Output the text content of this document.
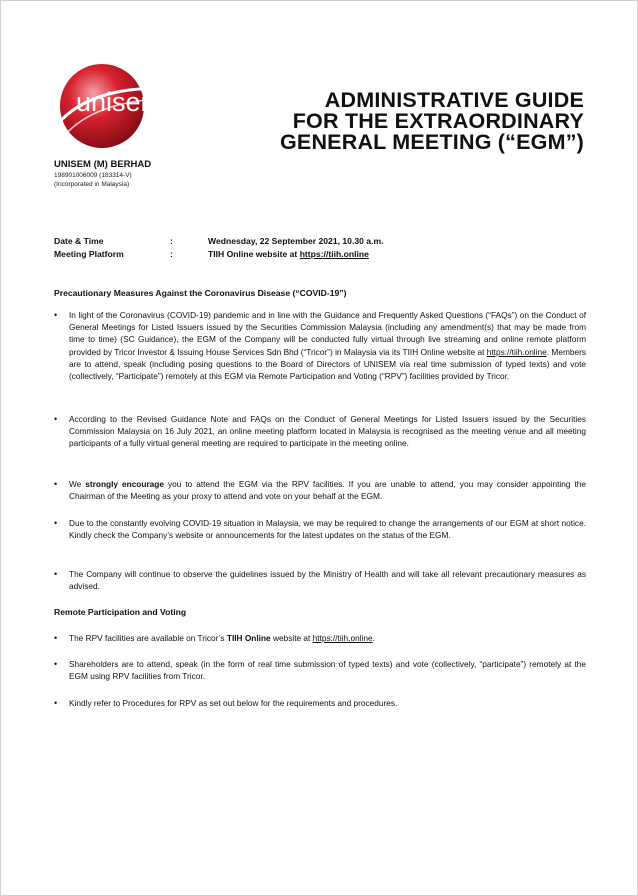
unisem	ADMINISTRATIVE GUIDE
FOR THE EXTRAORDINARY
GENERAL MEETING (“EGM”)
UNISEM (M) BERHAD
198901006009 (183314-V)
(Incorporated in Malaysia)
Date & Time	:	Wednesday, 22 September 2021, 10.30 a.m.
Meeting Platform	:	TIIH Online website at https://tiih.online
Precautionary Measures Against the Coronavirus Disease (“COVID-19”)
• In light of the Coronavirus (COVID-19) pandemic and in line with the Guidance and Frequently Asked Questions (“FAQs”) on the Conduct of General Meetings for Listed Issuers issued by the Securities Commission Malaysia (including any amendment(s) that may be made from time to time) (SC Guidance), the EGM of the Company will be conducted fully virtual through live streaming and online remote platform provided by Tricor Investor & Issuing House Services Sdn Bhd (“Tricor”) in Malaysia via its TIIH Online website at https://tiih.online. Members are to attend, speak (including posing questions to the Board of Directors of UNISEM via real time submission of typed texts) and vote (collectively, “Participate”) remotely at this EGM via Remote Participation and Voting (“RPV”) facilities provided by Tricor.
• According to the Revised Guidance Note and FAQs on the Conduct of General Meetings for Listed Issuers issued by the Securities Commission Malaysia on 16 July 2021, an online meeting platform located in Malaysia is recognised as the meeting venue and all meeting participants of a fully virtual general meeting are required to participate in the meeting online.
• We strongly encourage you to attend the EGM via the RPV facilities. If you are unable to attend, you may consider appointing the Chairman of the Meeting as your proxy to attend and vote on your behalf at the EGM.
• Due to the constantly evolving COVID-19 situation in Malaysia, we may be required to change the arrangements of our EGM at short notice. Kindly check the Company’s website or announcements for the latest updates on the status of the EGM.
• The Company will continue to observe the guidelines issued by the Ministry of Health and will take all relevant precautionary measures as advised.
Remote Participation and Voting
• The RPV facilities are available on Tricor’s TIIH Online website at https://tiih.online.
• Shareholders are to attend, speak (in the form of real time submission of typed texts) and vote (collectively, “participate”) remotely at the EGM using RPV facilities from Tricor.
• Kindly refer to Procedures for RPV as set out below for the requirements and procedures.
